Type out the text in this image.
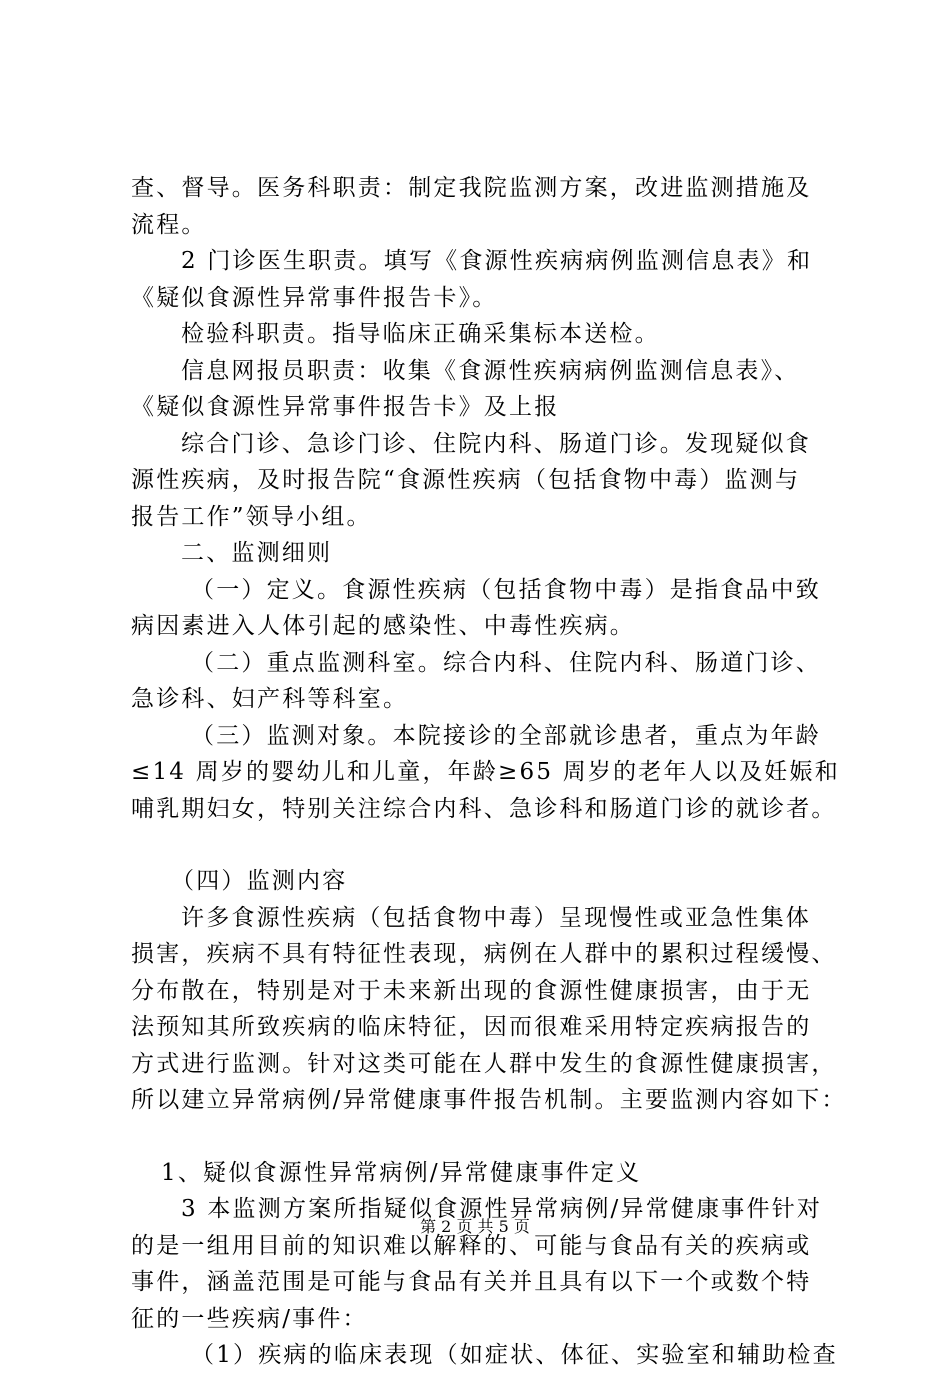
查、督导。医务科职责：制定我院监测方案，改进监测措施及
流程。
2 门诊医生职责。填写《食源性疾病病例监测信息表》和
《疑似食源性异常事件报告卡》。
检验科职责。指导临床正确采集标本送检。
信息网报员职责：收集《食源性疾病病例监测信息表》、
《疑似食源性异常事件报告卡》及上报
综合门诊、急诊门诊、住院内科、肠道门诊。发现疑似食
源性疾病，及时报告院“食源性疾病（包括食物中毒）监测与
报告工作”领导小组。
二、监测细则
（一）定义。食源性疾病（包括食物中毒）是指食品中致
病因素进入人体引起的感染性、中毒性疾病。
（二）重点监测科室。综合内科、住院内科、肠道门诊、
急诊科、妇产科等科室。
（三）监测对象。本院接诊的全部就诊患者，重点为年龄
≤14 周岁的婴幼儿和儿童，年龄≥65 周岁的老年人以及妊娠和
哺乳期妇女，特别关注综合内科、急诊科和肠道门诊的就诊者。
（四）监测内容
许多食源性疾病（包括食物中毒）呈现慢性或亚急性集体
损害，疾病不具有特征性表现，病例在人群中的累积过程缓慢、
分布散在，特别是对于未来新出现的食源性健康损害，由于无
法预知其所致疾病的临床特征，因而很难采用特定疾病报告的
方式进行监测。针对这类可能在人群中发生的食源性健康损害，
所以建立异常病例/异常健康事件报告机制。主要监测内容如下：
1、疑似食源性异常病例/异常健康事件定义
3 本监测方案所指疑似食源性异常病例/异常健康事件针对
的是一组用目前的知识难以解释的、可能与食品有关的疾病或
事件，涵盖范围是可能与食品有关并且具有以下一个或数个特
征的一些疾病/事件：
（1）疾病的临床表现（如症状、体征、实验室和辅助检查
第 2 页 共 5 页
